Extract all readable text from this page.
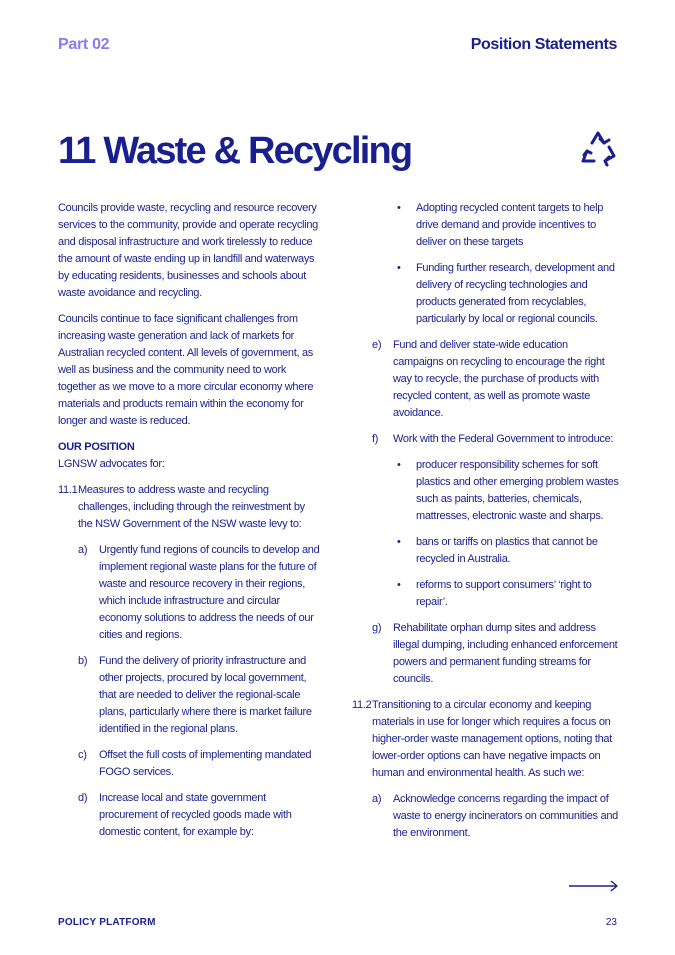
Part 02	Position Statements
11 Waste & Recycling

Councils provide waste, recycling and resource recovery services to the community, provide and operate recycling and disposal infrastructure and work tirelessly to reduce the amount of waste ending up in landfill and waterways by educating residents, businesses and schools about waste avoidance and recycling.

Councils continue to face significant challenges from increasing waste generation and lack of markets for Australian recycled content. All levels of government, as well as business and the community need to work together as we move to a more circular economy where materials and products remain within the economy for longer and waste is reduced.

OUR POSITION

LGNSW advocates for:

11.1 Measures to address waste and recycling challenges, including through the reinvestment by the NSW Government of the NSW waste levy to:
a)	Urgently fund regions of councils to develop and implement regional waste plans for the future of waste and resource recovery in their regions, which include infrastructure and circular economy solutions to address the needs of our cities and regions.
b)	Fund the delivery of priority infrastructure and other projects, procured by local government, that are needed to deliver the regional-scale plans, particularly where there is market failure identified in the regional plans.
c)	Offset the full costs of implementing mandated FOGO services.
d)	Increase local and state government procurement of recycled goods made with domestic content, for example by:
•	Adopting recycled content targets to help drive demand and provide incentives to deliver on these targets
•	Funding further research, development and delivery of recycling technologies and products generated from recyclables, particularly by local or regional councils.
e)	Fund and deliver state-wide education campaigns on recycling to encourage the right way to recycle, the purchase of products with recycled content, as well as promote waste avoidance.
f)	Work with the Federal Government to introduce:
•	producer responsibility schemes for soft plastics and other emerging problem wastes such as paints, batteries, chemicals, mattresses, electronic waste and sharps.
•	bans or tariffs on plastics that cannot be recycled in Australia.
•	reforms to support consumers’ ‘right to repair’.
g)	Rehabilitate orphan dump sites and address illegal dumping, including enhanced enforcement powers and permanent funding streams for councils.
11.2 Transitioning to a circular economy and keeping materials in use for longer which requires a focus on higher-order waste management options, noting that lower-order options can have negative impacts on human and environmental health. As such we:
a)	Acknowledge concerns regarding the impact of waste to energy incinerators on communities and the environment.
POLICY PLATFORM	23
